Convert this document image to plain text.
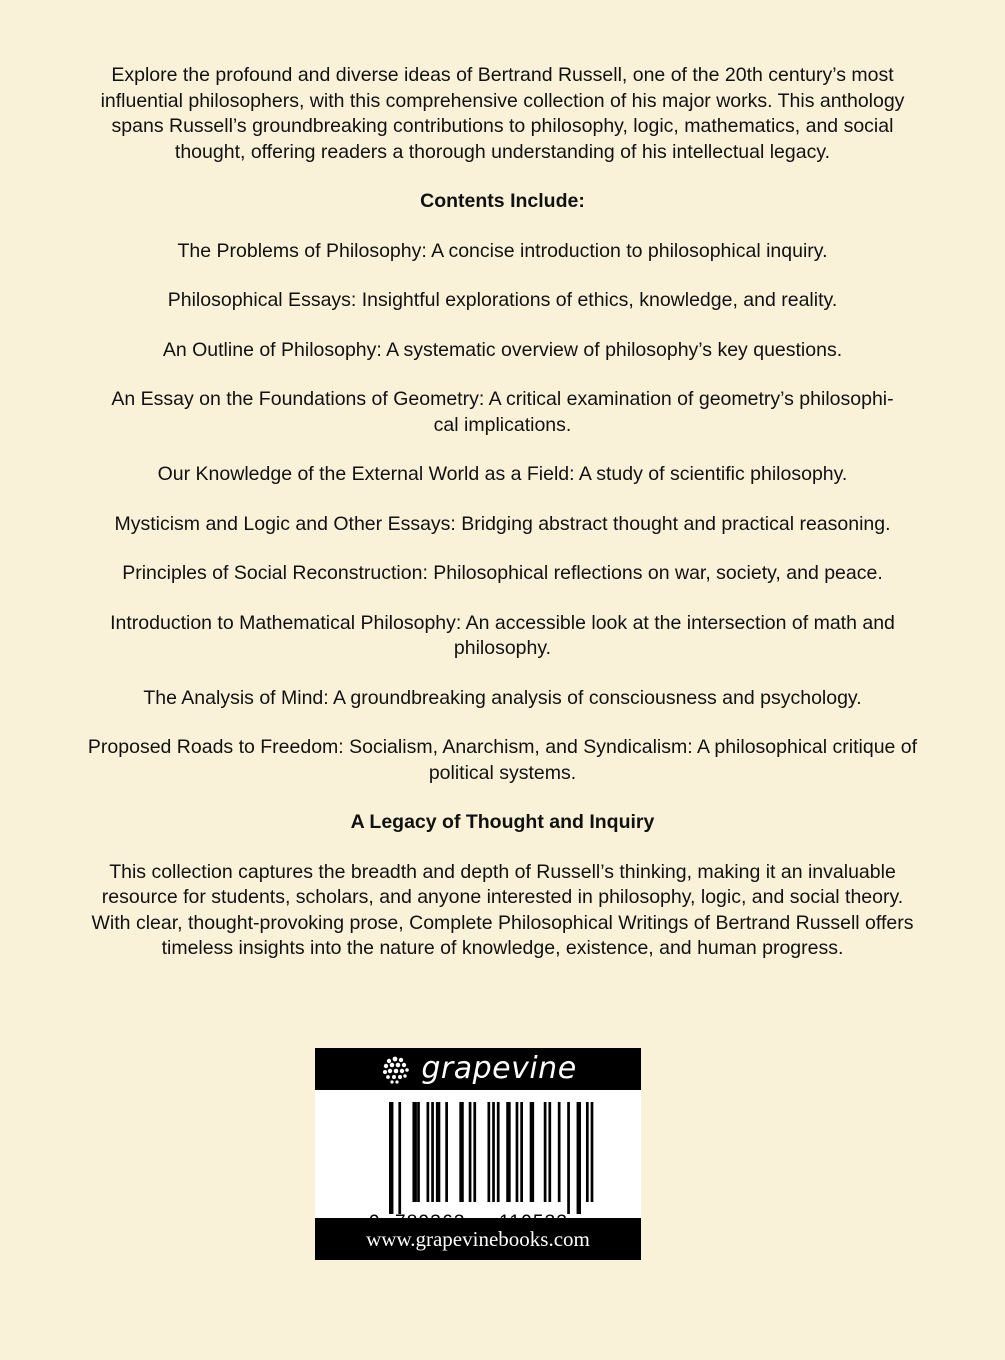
Explore the profound and diverse ideas of Bertrand Russell, one of the 20th century’s most influential philosophers, with this comprehensive collection of his major works. This anthology spans Russell’s groundbreaking contributions to philosophy, logic, mathematics, and social thought, offering readers a thorough understanding of his intellectual legacy.

Contents Include:

The Problems of Philosophy: A concise introduction to philosophical inquiry.

Philosophical Essays: Insightful explorations of ethics, knowledge, and reality.

An Outline of Philosophy: A systematic overview of philosophy’s key questions.

An Essay on the Foundations of Geometry: A critical examination of geometry’s philosophi-
cal implications.

Our Knowledge of the External World as a Field: A study of scientific philosophy.

Mysticism and Logic and Other Essays: Bridging abstract thought and practical reasoning.

Principles of Social Reconstruction: Philosophical reflections on war, society, and peace.

Introduction to Mathematical Philosophy: An accessible look at the intersection of math and philosophy.

The Analysis of Mind: A groundbreaking analysis of consciousness and psychology.

Proposed Roads to Freedom: Socialism, Anarchism, and Syndicalism: A philosophical critique of political systems.

A Legacy of Thought and Inquiry

This collection captures the breadth and depth of Russell’s thinking, making it an invaluable resource for students, scholars, and anyone interested in philosophy, logic, and social theory. With clear, thought-provoking prose, Complete Philosophical Writings of Bertrand Russell offers timeless insights into the nature of knowledge, existence, and human progress.

grapevine
www.grapevinebooks.com
